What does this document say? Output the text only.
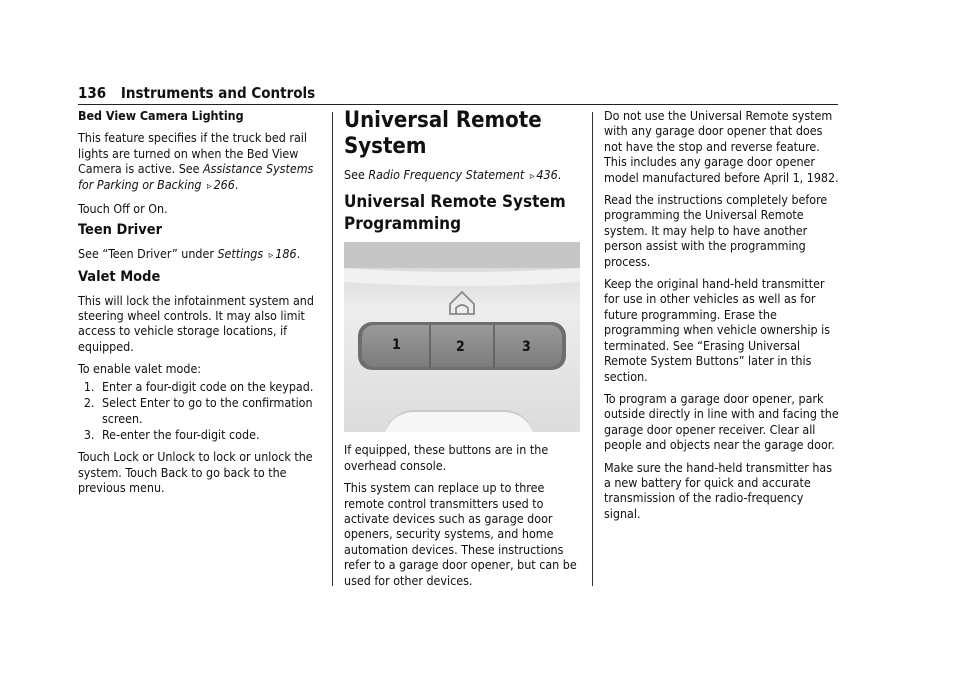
136 Instruments and Controls

Bed View Camera Lighting

This feature specifies if the truck bed rail lights are turned on when the Bed View Camera is active. See Assistance Systems for Parking or Backing ▹ 266.

Touch Off or On.

Teen Driver

See “Teen Driver” under Settings ▹ 186.

Valet Mode

This will lock the infotainment system and steering wheel controls. It may also limit access to vehicle storage locations, if equipped.

To enable valet mode:

1. Enter a four-digit code on the keypad.
2. Select Enter to go to the confirmation screen.
3. Re-enter the four-digit code.

Touch Lock or Unlock to lock or unlock the system. Touch Back to go back to the previous menu.

Universal Remote System

See Radio Frequency Statement ▹ 436.

Universal Remote System Programming

1	2	3

If equipped, these buttons are in the overhead console.

This system can replace up to three remote control transmitters used to activate devices such as garage door openers, security systems, and home automation devices. These instructions refer to a garage door opener, but can be used for other devices.

Do not use the Universal Remote system with any garage door opener that does not have the stop and reverse feature. This includes any garage door opener model manufactured before April 1, 1982.

Read the instructions completely before programming the Universal Remote system. It may help to have another person assist with the programming process.

Keep the original hand-held transmitter for use in other vehicles as well as for future programming. Erase the programming when vehicle ownership is terminated. See “Erasing Universal Remote System Buttons” later in this section.

To program a garage door opener, park outside directly in line with and facing the garage door opener receiver. Clear all people and objects near the garage door.

Make sure the hand-held transmitter has a new battery for quick and accurate transmission of the radio-frequency signal.
